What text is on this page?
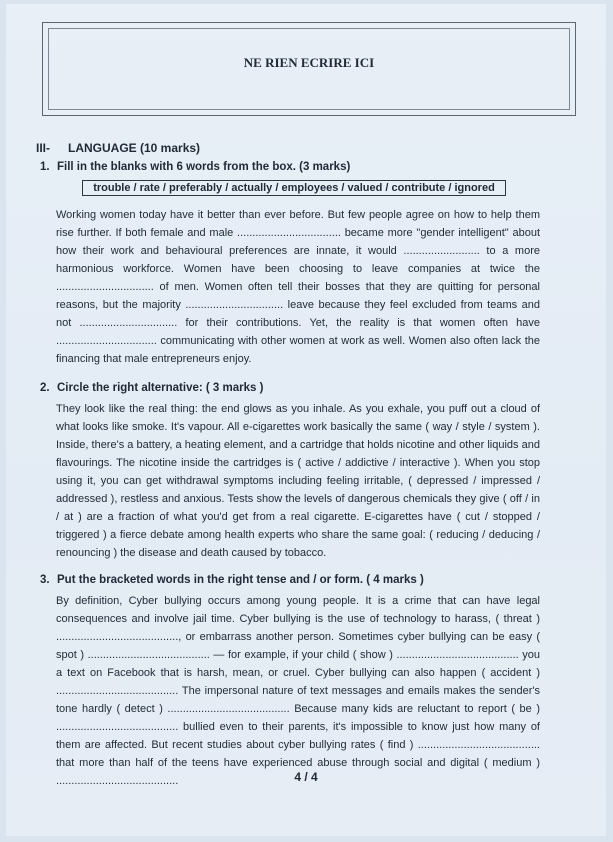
NE RIEN ECRIRE ICI
III- LANGUAGE (10 marks)
1. Fill in the blanks with 6 words from the box. (3 marks)
trouble / rate / preferably / actually / employees / valued / contribute / ignored

Working women today have it better than ever before. But few people agree on how to help them rise further. If both female and male .................................. became more "gender intelligent" about how their work and behavioural preferences are innate, it would ......................... to a more harmonious workforce. Women have been choosing to leave companies at twice the ................................ of men. Women often tell their bosses that they are quitting for personal reasons, but the majority ................................ leave because they feel excluded from teams and not ................................ for their contributions. Yet, the reality is that women often have ................................. communicating with other women at work as well. Women also often lack the financing that male entrepreneurs enjoy.

2. Circle the right alternative: ( 3 marks )

They look like the real thing: the end glows as you inhale. As you exhale, you puff out a cloud of what looks like smoke. It's vapour. All e-cigarettes work basically the same ( way / style / system ). Inside, there's a battery, a heating element, and a cartridge that holds nicotine and other liquids and flavourings. The nicotine inside the cartridges is ( active / addictive / interactive ). When you stop using it, you can get withdrawal symptoms including feeling irritable, ( depressed / impressed / addressed ), restless and anxious. Tests show the levels of dangerous chemicals they give ( off / in / at ) are a fraction of what you'd get from a real cigarette. E-cigarettes have ( cut / stopped / triggered ) a fierce debate among health experts who share the same goal: ( reducing / deducing / renouncing ) the disease and death caused by tobacco.

3. Put the bracketed words in the right tense and / or form. ( 4 marks )

By definition, Cyber bullying occurs among young people. It is a crime that can have legal consequences and involve jail time. Cyber bullying is the use of technology to harass, ( threat ) ........................................, or embarrass another person. Sometimes cyber bullying can be easy ( spot ) ........................................ — for example, if your child ( show ) ........................................ you a text on Facebook that is harsh, mean, or cruel. Cyber bullying can also happen ( accident ) ........................................ The impersonal nature of text messages and emails makes the sender's tone hardly ( detect ) ........................................ Because many kids are reluctant to report ( be ) ........................................ bullied even to their parents, it's impossible to know just how many of them are affected. But recent studies about cyber bullying rates ( find ) ........................................ that more than half of the teens have experienced abuse through social and digital ( medium ) ........................................	4 / 4
